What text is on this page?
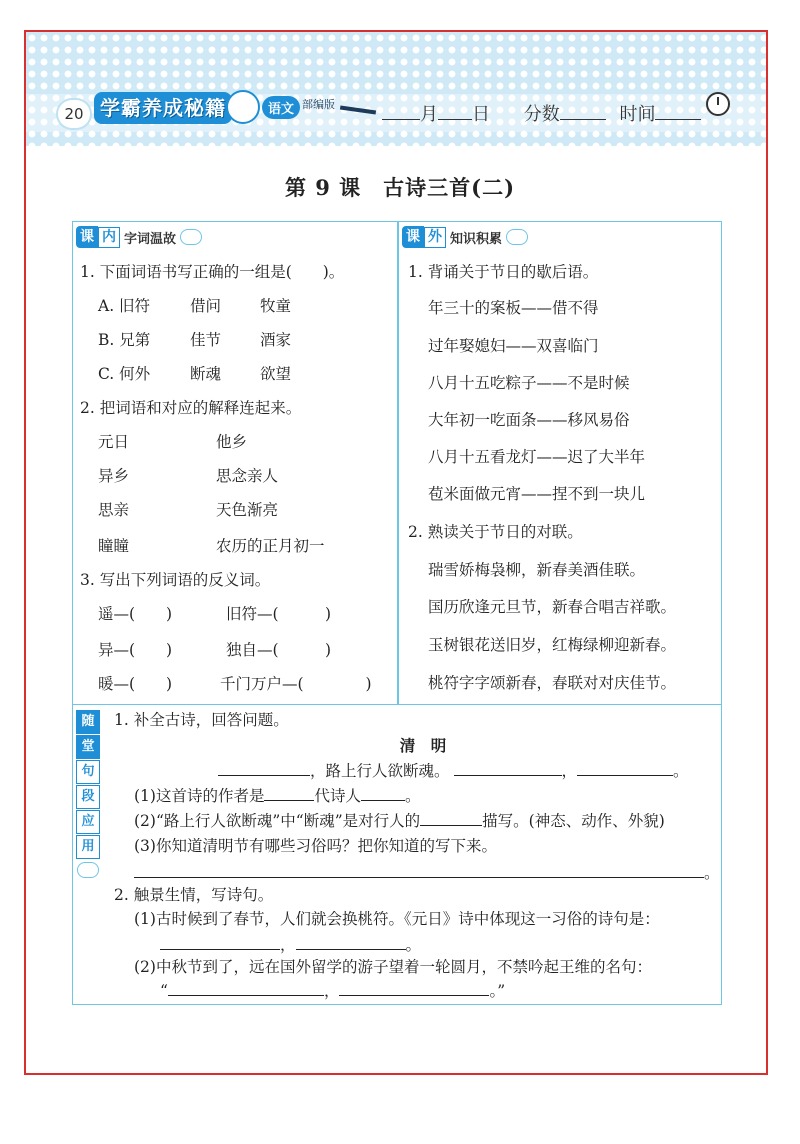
20 学霸养成秘籍	语文 部编版	月 日 分数	时间
第 9 课　古诗三首(二)
课 内 字词温故
1. 下面词语书写正确的一组是(　　)。
A. 旧符	借问	牧童
B. 兄第	佳节	酒家
C. 何外	断魂	欲望
2. 把词语和对应的解释连起来。
元日	他乡
异乡	思念亲人
思亲	天色渐亮
瞳瞳	农历的正月初一
3. 写出下列词语的反义词。
遥—(　　)	旧符—(　　　)
异—(　　)	独自—(　　　)
暖—(　　)	千门万户—(　　　　)
课 外 知识积累
1. 背诵关于节日的歇后语。
年三十的案板——借不得
过年娶媳妇——双喜临门
八月十五吃粽子——不是时候
大年初一吃面条——移风易俗
八月十五看龙灯——迟了大半年
苞米面做元宵——捏不到一块儿
2. 熟读关于节日的对联。
瑞雪娇梅袅柳，新春美酒佳联。
国历欣逢元旦节，新春合唱吉祥歌。
玉树银花送旧岁，红梅绿柳迎新春。
桃符字字颂新春，春联对对庆佳节。
随
堂
句
段
应
用
1. 补全古诗，回答问题。
清　明
，路上行人欲断魂。	，	。
(1)这首诗的作者是	代诗人	。
(2)“路上行人欲断魂”中“断魂”是对行人的	描写。(神态、动作、外貌)
(3)你知道清明节有哪些习俗吗？把你知道的写下来。
。
2. 触景生情，写诗句。
(1)古时候到了春节，人们就会换桃符。《元日》诗中体现这一习俗的诗句是：
，	。
(2)中秋节到了，远在国外留学的游子望着一轮圆月，不禁吟起王维的名句：
“	，	。”
